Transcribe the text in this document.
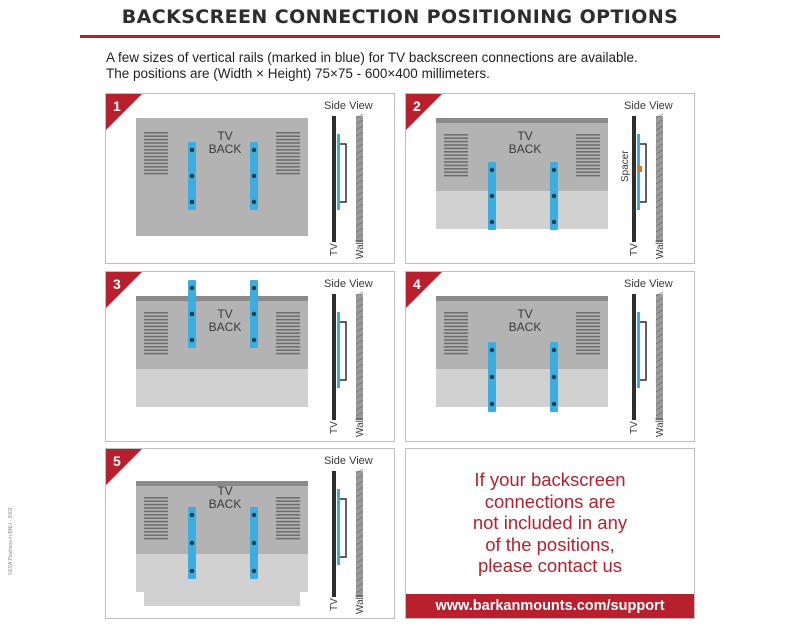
BACKSCREEN CONNECTION POSITIONING OPTIONS
A few sizes of vertical rails (marked in blue) for TV backscreen connections are available.
The positions are (Width × Height) 75×75 - 600×400 millimeters.
1
TV
BACK
Side View
TV Wall
2
TV
BACK
Side View
Spacer
TV Wall
3
TV
BACK
Side View
TV Wall
4
TV
BACK
Side View
TV Wall
5
TV
BACK
Side View
TV Wall
If your backscreen
connections are
not included in any
of the positions,
please contact us
www.barkanmounts.com/support
VESA Positions in BNU - 2003
